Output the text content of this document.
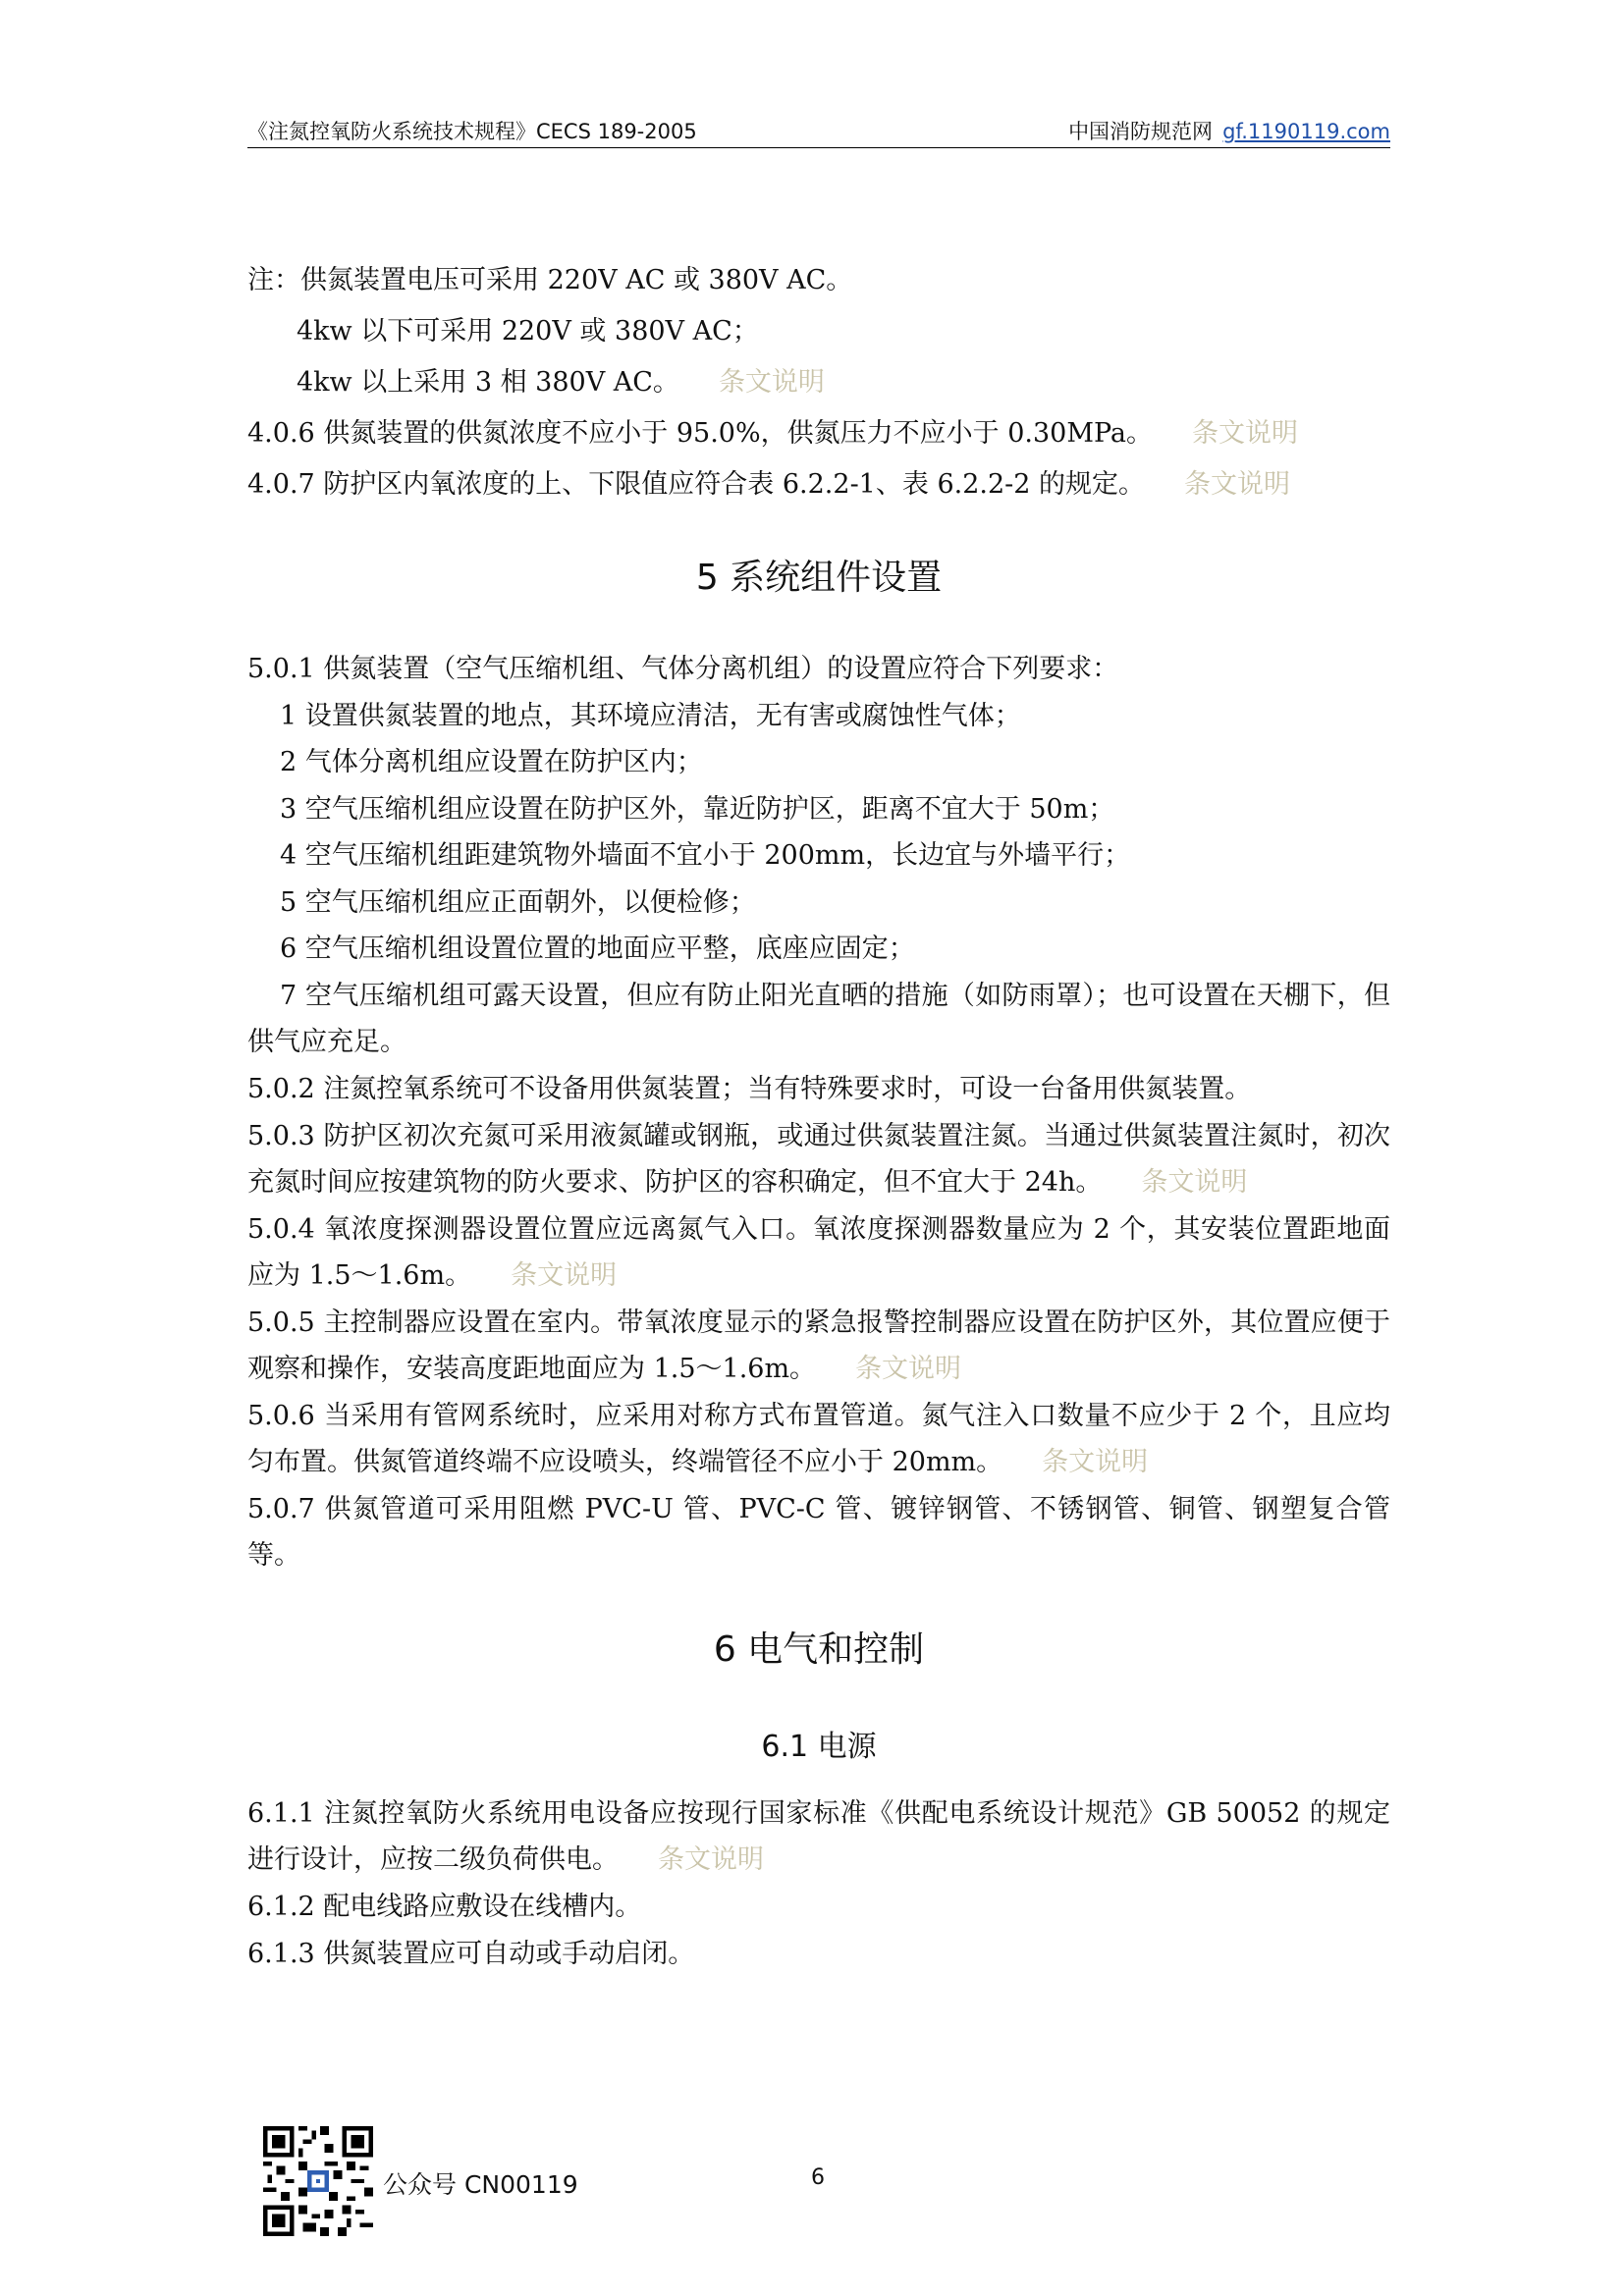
《注氮控氧防火系统技术规程》CECS 189-2005	中国消防规范网 gf.1190119.com
注：供氮装置电压可采用 220V AC 或 380V AC。
4kw 以下可采用 220V 或 380V AC；
4kw 以上采用 3 相 380V AC。 条文说明
4.0.6 供氮装置的供氮浓度不应小于 95.0%，供氮压力不应小于 0.30MPa。 条文说明
4.0.7 防护区内氧浓度的上、下限值应符合表 6.2.2-1、表 6.2.2-2 的规定。 条文说明
5 系统组件设置
5.0.1 供氮装置（空气压缩机组、气体分离机组）的设置应符合下列要求：
1 设置供氮装置的地点，其环境应清洁，无有害或腐蚀性气体；
2 气体分离机组应设置在防护区内；
3 空气压缩机组应设置在防护区外，靠近防护区，距离不宜大于 50m；
4 空气压缩机组距建筑物外墙面不宜小于 200mm，长边宜与外墙平行；
5 空气压缩机组应正面朝外，以便检修；
6 空气压缩机组设置位置的地面应平整，底座应固定；
7 空气压缩机组可露天设置，但应有防止阳光直晒的措施（如防雨罩）；也可设置在天棚下，但供气应充足。
5.0.2 注氮控氧系统可不设备用供氮装置；当有特殊要求时，可设一台备用供氮装置。
5.0.3 防护区初次充氮可采用液氮罐或钢瓶，或通过供氮装置注氮。当通过供氮装置注氮时，初次充氮时间应按建筑物的防火要求、防护区的容积确定，但不宜大于 24h。 条文说明
5.0.4 氧浓度探测器设置位置应远离氮气入口。氧浓度探测器数量应为 2 个，其安装位置距地面应为 1.5～1.6m。 条文说明
5.0.5 主控制器应设置在室内。带氧浓度显示的紧急报警控制器应设置在防护区外，其位置应便于观察和操作，安装高度距地面应为 1.5～1.6m。 条文说明
5.0.6 当采用有管网系统时，应采用对称方式布置管道。氮气注入口数量不应少于 2 个，且应均匀布置。供氮管道终端不应设喷头，终端管径不应小于 20mm。 条文说明
5.0.7 供氮管道可采用阻燃 PVC-U 管、PVC-C 管、镀锌钢管、不锈钢管、铜管、钢塑复合管等。
6 电气和控制
6.1 电源
6.1.1 注氮控氧防火系统用电设备应按现行国家标准《供配电系统设计规范》GB 50052 的规定进行设计，应按二级负荷供电。 条文说明
6.1.2 配电线路应敷设在线槽内。
6.1.3 供氮装置应可自动或手动启闭。
公众号 CN00119	6
